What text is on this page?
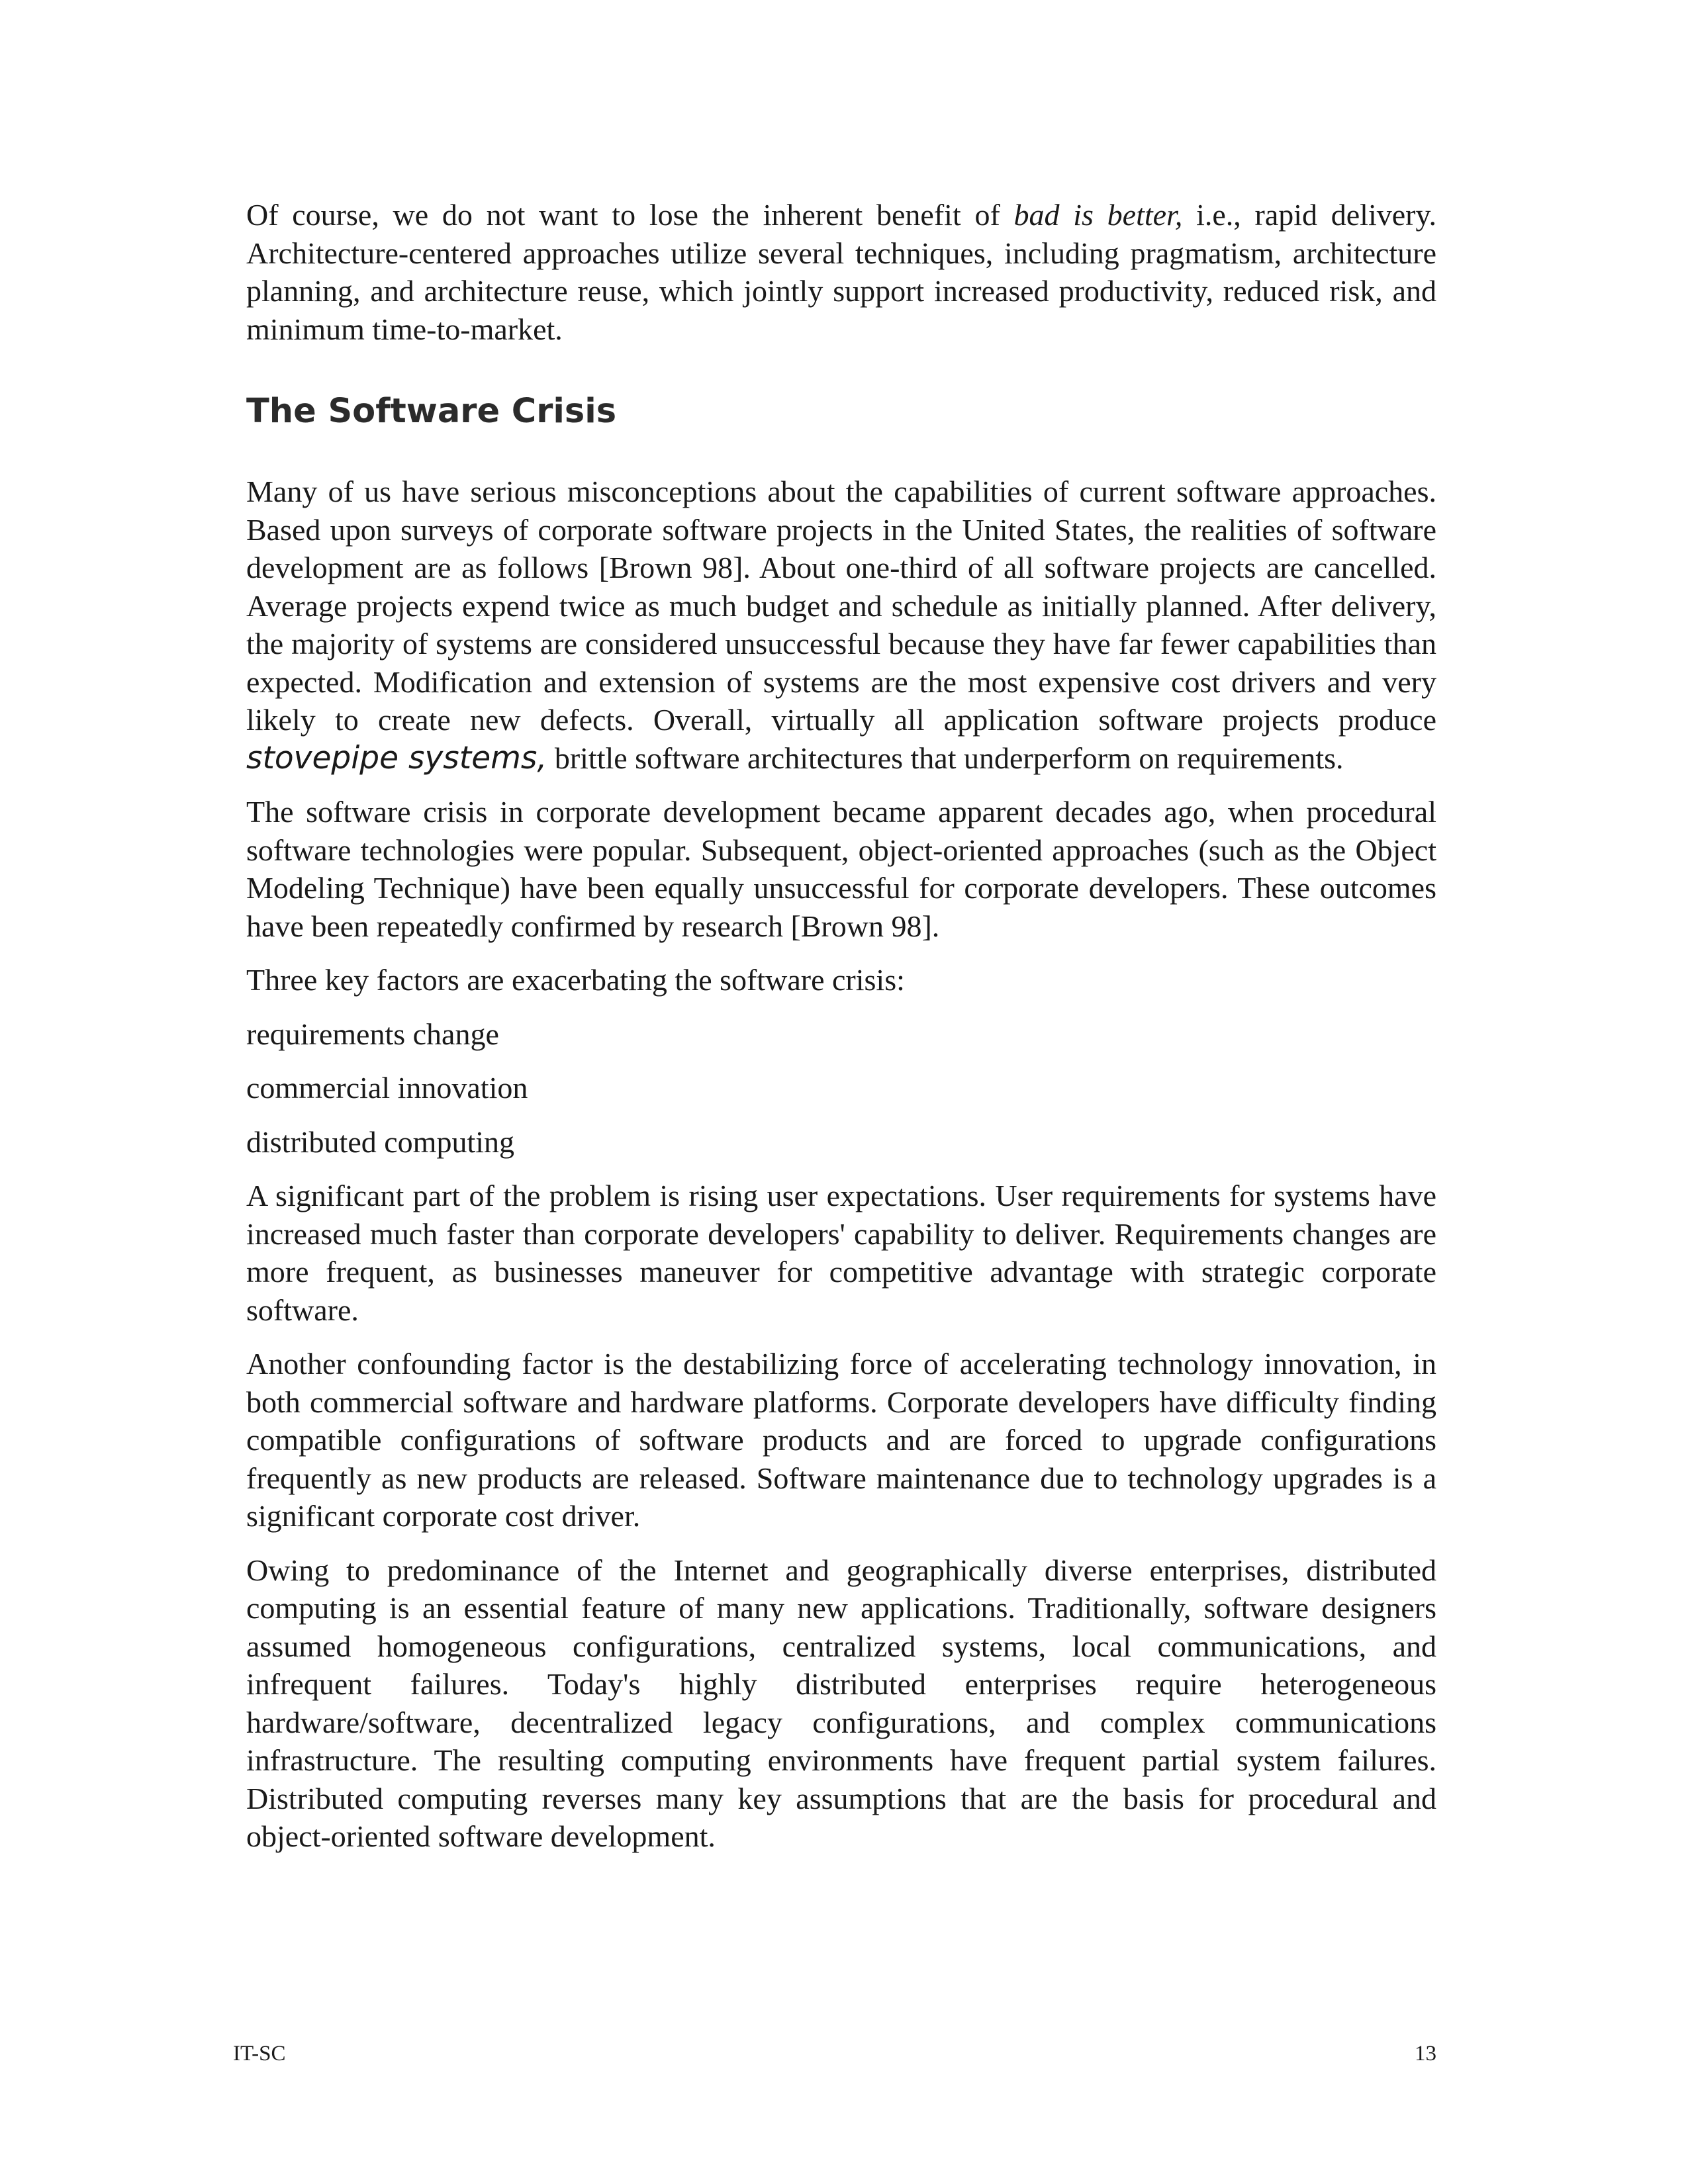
Of course, we do not want to lose the inherent benefit of bad is better, i.e., rapid delivery. Architecture-centered approaches utilize several techniques, including pragmatism, architecture planning, and architecture reuse, which jointly support increased productivity, reduced risk, and minimum time-to-market.

The Software Crisis

Many of us have serious misconceptions about the capabilities of current software approaches. Based upon surveys of corporate software projects in the United States, the realities of software development are as follows [Brown 98]. About one-third of all software projects are cancelled. Average projects expend twice as much budget and schedule as initially planned. After delivery, the majority of systems are considered unsuccessful because they have far fewer capabilities than expected. Modification and extension of systems are the most expensive cost drivers and very likely to create new defects. Overall, virtually all application software projects produce stovepipe systems, brittle software architectures that underperform on requirements.

The software crisis in corporate development became apparent decades ago, when procedural software technologies were popular. Subsequent, object-oriented approaches (such as the Object Modeling Technique) have been equally unsuccessful for corporate developers. These outcomes have been repeatedly confirmed by research [Brown 98].

Three key factors are exacerbating the software crisis:

requirements change
commercial innovation
distributed computing

A significant part of the problem is rising user expectations. User requirements for systems have increased much faster than corporate developers' capability to deliver. Requirements changes are more frequent, as businesses maneuver for competitive advantage with strategic corporate software.

Another confounding factor is the destabilizing force of accelerating technology innovation, in both commercial software and hardware platforms. Corporate developers have difficulty finding compatible configurations of software products and are forced to upgrade configurations frequently as new products are released. Software maintenance due to technology upgrades is a significant corporate cost driver.

Owing to predominance of the Internet and geographically diverse enterprises, distributed computing is an essential feature of many new applications. Traditionally, software designers assumed homogeneous configurations, centralized systems, local communications, and infrequent failures. Today's highly distributed enterprises require heterogeneous hardware/software, decentralized legacy configurations, and complex communications infrastructure. The resulting computing environments have frequent partial system failures. Distributed computing reverses many key assumptions that are the basis for procedural and object-oriented software development.

IT-SC	13
